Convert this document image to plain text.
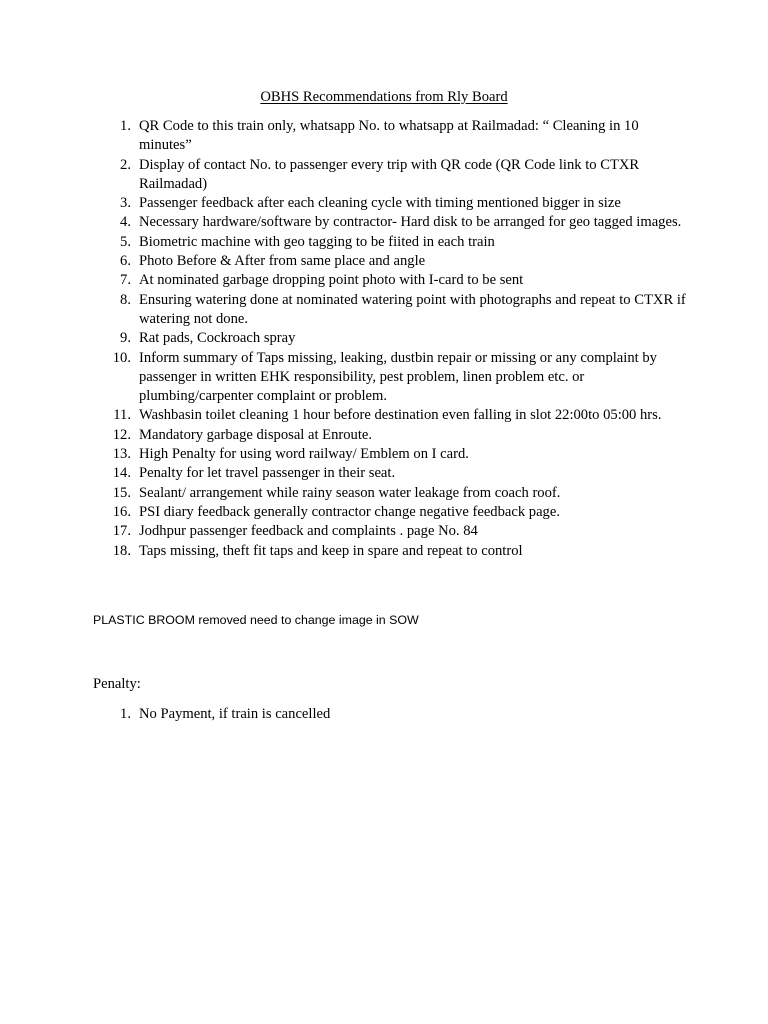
OBHS Recommendations from Rly Board
1. QR Code to this train only, whatsapp No. to whatsapp at Railmadad: “ Cleaning in 10 minutes”
2. Display of contact No. to passenger every trip with QR code (QR Code link to CTXR Railmadad)
3. Passenger feedback after each cleaning cycle with timing mentioned bigger in size
4. Necessary hardware/software by contractor- Hard disk to be arranged for geo tagged images.
5. Biometric machine with geo tagging to be fiited in each train
6. Photo Before & After from same place and angle
7. At nominated garbage dropping point photo with I-card to be sent
8. Ensuring watering done at nominated watering point with photographs and repeat to CTXR if watering not done.
9. Rat pads, Cockroach spray
10. Inform summary of Taps missing, leaking, dustbin repair or missing or any complaint by passenger in written EHK responsibility, pest problem, linen problem etc. or plumbing/carpenter complaint or problem.
11. Washbasin toilet cleaning 1 hour before destination even falling in slot 22:00to 05:00 hrs.
12. Mandatory garbage disposal at Enroute.
13. High Penalty for using word railway/ Emblem on I card.
14. Penalty for let travel passenger in their seat.
15. Sealant/ arrangement while rainy season water leakage from coach roof.
16. PSI diary feedback generally contractor change negative feedback page.
17. Jodhpur passenger feedback and complaints . page No. 84
18. Taps missing, theft fit taps and keep in spare and repeat to control
PLASTIC BROOM removed need to change image in SOW
Penalty:
1. No Payment, if train is cancelled
